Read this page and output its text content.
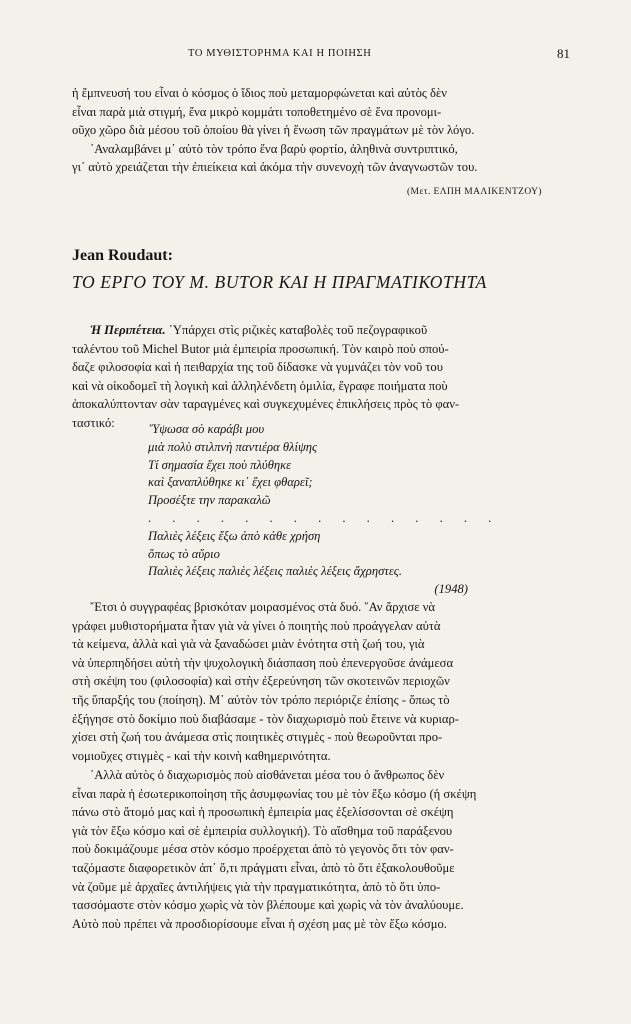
ΤΟ ΜΥΘΙΣΤΟΡΗΜΑ ΚΑΙ Η ΠΟΙΗΣΗ	81
ἡ ἔμπνευσή του εἶναι ὁ κόσμος ὁ ἴδιος ποὺ μεταμορφώνεται καὶ αὐτὸς δὲν
εἶναι παρὰ μιὰ στιγμή, ἕνα μικρὸ κομμάτι τοποθετημένο σὲ ἕνα προνομι-
οῦχο χῶρο διὰ μέσου τοῦ ὁποίου θὰ γίνει ἡ ἕνωση τῶν πραγμάτων μὲ τὸν λόγο.
᾿Αναλαμβάνει μ᾿ αὐτὸ τὸν τρόπο ἕνα βαρὺ φορτίο, ἀληθινὰ συντριπτικό,
γι᾿ αὐτὸ χρειάζεται τὴν ἐπιείκεια καὶ ἀκόμα τὴν συνενοχὴ τῶν ἀναγνωστῶν του.
(Μετ. ΕΛΠΗ ΜΑΛΙΚΕΝΤΖΟΥ)
Jean Roudaut:
ΤΟ ΕΡΓΟ ΤΟΥ Μ. BUTOR ΚΑΙ Η ΠΡΑΓΜΑΤΙΚΟΤΗΤΑ
Ἡ Περιπέτεια. ῾Υπάρχει στὶς ριζικὲς καταβολὲς τοῦ πεζογραφικοῦ
ταλέντου τοῦ Michel Butor μιὰ ἐμπειρία προσωπική. Τὸν καιρὸ ποὺ σπού-
δαζε φιλοσοφία καὶ ἡ πειθαρχία της τοῦ δίδασκε νὰ γυμνάζει τὸν νοῦ του
καὶ νὰ οἰκοδομεῖ τὴ λογικὴ καὶ ἀλληλένδετη ὁμιλία, ἔγραφε ποιήματα ποὺ
ἀποκαλύπτονταν σὰν ταραγμένες καὶ συγκεχυμένες ἐπικλήσεις πρὸς τὸ φαν-
ταστικό:	῞Υψωσα σὸ καράβι μου
μιὰ πολὺ στιλπνὴ παντιέρα θλίψης
Τί σημασία ἔχει ποὺ πλύθηκε
καὶ ξαναπλύθηκε κι᾿ ἔχει φθαρεῖ;
Προσέξτε την παρακαλῶ
. . . . . . . . . . . . . . .
Παλιὲς λέξεις ἔξω ἀπὸ κάθε χρήση
ὅπως τὸ αὔριο
Παλιὲς λέξεις παλιὲς λέξεις παλιὲς λέξεις ἄχρηστες.
(1948)
῎Ετσι ὁ συγγραφέας βρισκόταν μοιρασμένος στὰ δυό. ῎Αν ἄρχισε νὰ
γράφει μυθιστορήματα ἦταν γιὰ νὰ γίνει ὁ ποιητὴς ποὺ προάγγελαν αὐτὰ
τὰ κείμενα, ἀλλὰ καὶ γιὰ νὰ ξαναδώσει μιὰν ἑνότητα στὴ ζωή του, γιὰ
νὰ ὑπερπηδήσει αὐτὴ τὴν ψυχολογικὴ διάσπαση ποὺ ἐπενεργοῦσε ἀνάμεσα
στὴ σκέψη του (φιλοσοφία) καὶ στὴν ἐξερεύνηση τῶν σκοτεινῶν περιοχῶν
τῆς ὕπαρξής του (ποίηση). Μ᾿ αὐτὸν τὸν τρόπο περιόριζε ἐπίσης - ὅπως τὸ
ἐξήγησε στὸ δοκίμιο ποὺ διαβάσαμε - τὸν διαχωρισμὸ ποὺ ἔτεινε νὰ κυριαρ-
χίσει στὴ ζωή του ἀνάμεσα στὶς ποιητικὲς στιγμὲς - ποὺ θεωροῦνται προ-
νομιοῦχες στιγμὲς - καὶ τὴν κοινὴ καθημερινότητα.
᾿Αλλὰ αὐτὸς ὁ διαχωρισμὸς ποὺ αἰσθάνεται μέσα του ὁ ἄνθρωπος δὲν
εἶναι παρὰ ἡ ἐσωτερικοποίηση τῆς ἀσυμφωνίας του μὲ τὸν ἔξω κόσμο (ἡ σκέψη
πάνω στὸ ἄτομό μας καὶ ἡ προσωπικὴ ἐμπειρία μας ἐξελίσσονται σὲ σκέψη
γιὰ τὸν ἔξω κόσμο καὶ σὲ ἐμπειρία συλλογική). Τὸ αἴσθημα τοῦ παράξενου
ποὺ δοκιμάζουμε μέσα στὸν κόσμο προέρχεται ἀπὸ τὸ γεγονὸς ὅτι τὸν φαν-
ταζόμαστε διαφορετικὸν ἀπ᾿ ὅ,τι πράγματι εἶναι, ἀπὸ τὸ ὅτι ἐξακολουθοῦμε
νὰ ζοῦμε μὲ ἀρχαῖες ἀντιλήψεις γιὰ τὴν πραγματικότητα, ἀπὸ τὸ ὅτι ὑπο-
τασσόμαστε στὸν κόσμο χωρὶς νὰ τὸν βλέπουμε καὶ χωρὶς νὰ τὸν ἀναλύουμε.
Αὐτὸ ποὺ πρέπει νὰ προσδιορίσουμε εἶναι ἡ σχέση μας μὲ τὸν ἔξω κόσμο.
